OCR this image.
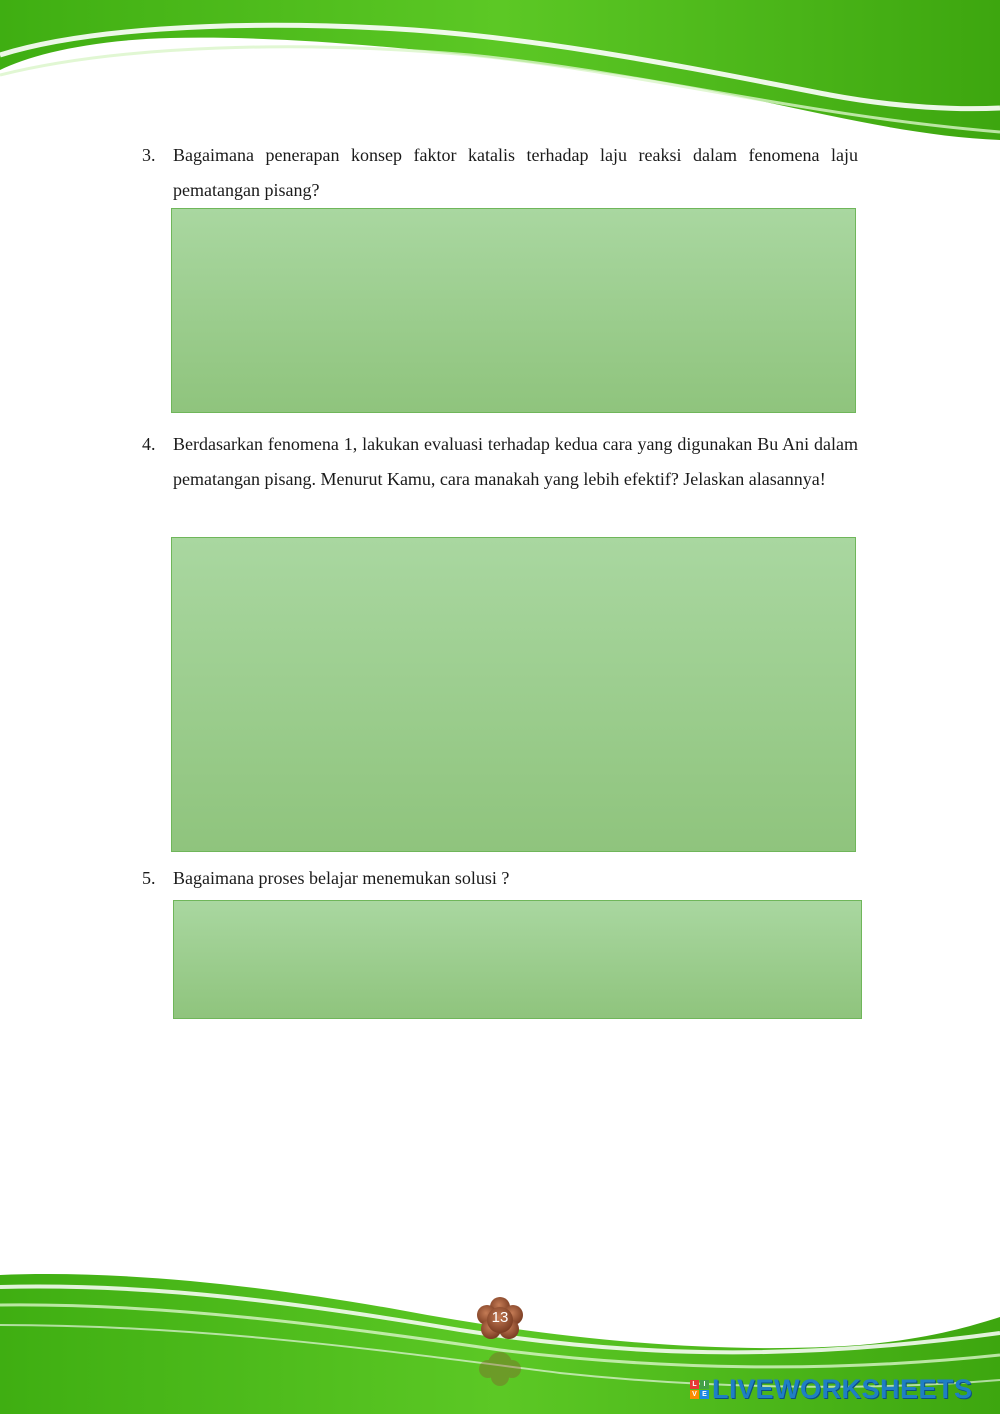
3. Bagaimana penerapan konsep faktor katalis terhadap laju reaksi dalam fenomena laju pematangan pisang?
4. Berdasarkan fenomena 1, lakukan evaluasi terhadap kedua cara yang digunakan Bu Ani dalam pematangan pisang. Menurut Kamu, cara manakah yang lebih efektif? Jelaskan alasannya!
5. Bagaimana proses belajar menemukan solusi ?
13
L I
V E LIVEWORKSHEETS
